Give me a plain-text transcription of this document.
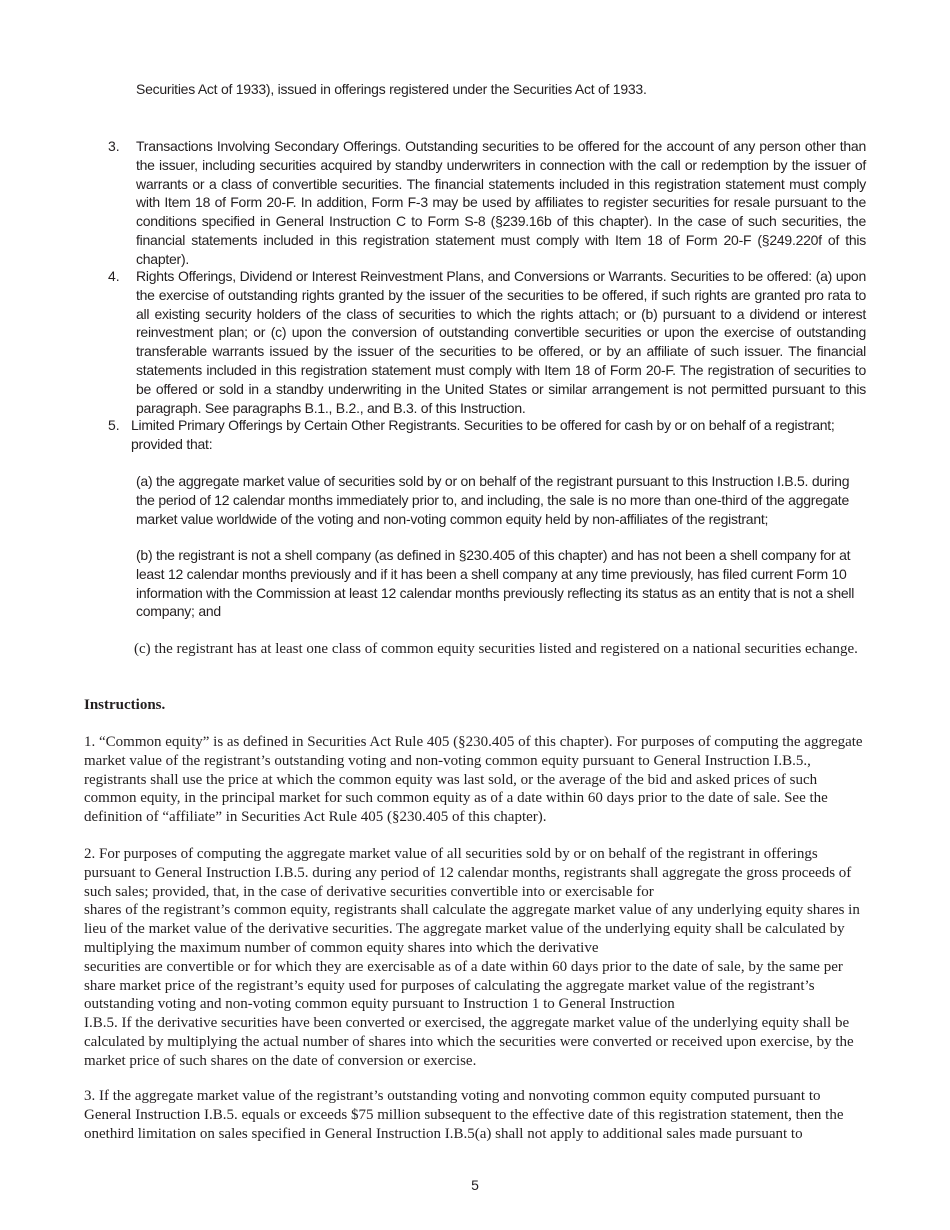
Securities Act of 1933), issued in offerings registered under the Securities Act of 1933.

3. Transactions Involving Secondary Offerings. Outstanding securities to be offered for the account of any person other than the issuer, including securities acquired by standby underwriters in connection with the call or redemption by the issuer of warrants or a class of convertible securities. The financial statements included in this registration statement must comply with Item 18 of Form 20-F. In addition, Form F-3 may be used by affiliates to register securities for resale pursuant to the conditions specified in General Instruction C to Form S-8 (§239.16b of this chapter). In the case of such securities, the financial statements included in this registration statement must comply with Item 18 of Form 20-F (§249.220f of this chapter).

4. Rights Offerings, Dividend or Interest Reinvestment Plans, and Conversions or Warrants. Securities to be offered: (a) upon the exercise of outstanding rights granted by the issuer of the securities to be offered, if such rights are granted pro rata to all existing security holders of the class of securities to which the rights attach; or (b) pursuant to a dividend or interest reinvestment plan; or (c) upon the conversion of outstanding convertible securities or upon the exercise of outstanding transferable warrants issued by the issuer of the securities to be offered, or by an affiliate of such issuer. The financial statements included in this registration statement must comply with Item 18 of Form 20-F. The registration of securities to be offered or sold in a standby underwriting in the United States or similar arrangement is not permitted pursuant to this paragraph. See paragraphs B.1., B.2., and B.3. of this Instruction.

5. Limited Primary Offerings by Certain Other Registrants. Securities to be offered for cash by or on behalf of a registrant; provided that:

(a) the aggregate market value of securities sold by or on behalf of the registrant pursuant to this Instruction I.B.5. during the period of 12 calendar months immediately prior to, and including, the sale is no more than one-third of the aggregate market value worldwide of the voting and non-voting common equity held by non-affiliates of the registrant;

(b) the registrant is not a shell company (as defined in §230.405 of this chapter) and has not been a shell company for at least 12 calendar months previously and if it has been a shell company at any time previously, has filed current Form 10 information with the Commission at least 12 calendar months previously reflecting its status as an entity that is not a shell company; and

(c) the registrant has at least one class of common equity securities listed and registered on a national securities echange.

Instructions.

1. “Common equity” is as defined in Securities Act Rule 405 (§230.405 of this chapter). For purposes of computing the aggregate market value of the registrant’s outstanding voting and non-voting common equity pursuant to General Instruction I.B.5., registrants shall use the price at which the common equity was last sold, or the average of the bid and asked prices of such common equity, in the principal market for such common equity as of a date within 60 days prior to the date of sale. See the definition of “affiliate” in Securities Act Rule 405 (§230.405 of this chapter).

2. For purposes of computing the aggregate market value of all securities sold by or on behalf of the registrant in offerings pursuant to General Instruction I.B.5. during any period of 12 calendar months, registrants shall aggregate the gross proceeds of such sales; provided, that, in the case of derivative securities convertible into or exercisable for

shares of the registrant’s common equity, registrants shall calculate the aggregate market value of any underlying equity shares in lieu of the market value of the derivative securities. The aggregate market value of the underlying equity shall be calculated by multiplying the maximum number of common equity shares into which the derivative

securities are convertible or for which they are exercisable as of a date within 60 days prior to the date of sale, by the same per share market price of the registrant’s equity used for purposes of calculating the aggregate market value of the registrant’s outstanding voting and non-voting common equity pursuant to Instruction 1 to General Instruction

I.B.5. If the derivative securities have been converted or exercised, the aggregate market value of the underlying equity shall be calculated by multiplying the actual number of shares into which the securities were converted or received upon exercise, by the market price of such shares on the date of conversion or exercise.

3. If the aggregate market value of the registrant’s outstanding voting and nonvoting common equity computed pursuant to General Instruction I.B.5. equals or exceeds $75 million subsequent to the effective date of this registration statement, then the onethird limitation on sales specified in General Instruction I.B.5(a) shall not apply to additional sales made pursuant to

5
